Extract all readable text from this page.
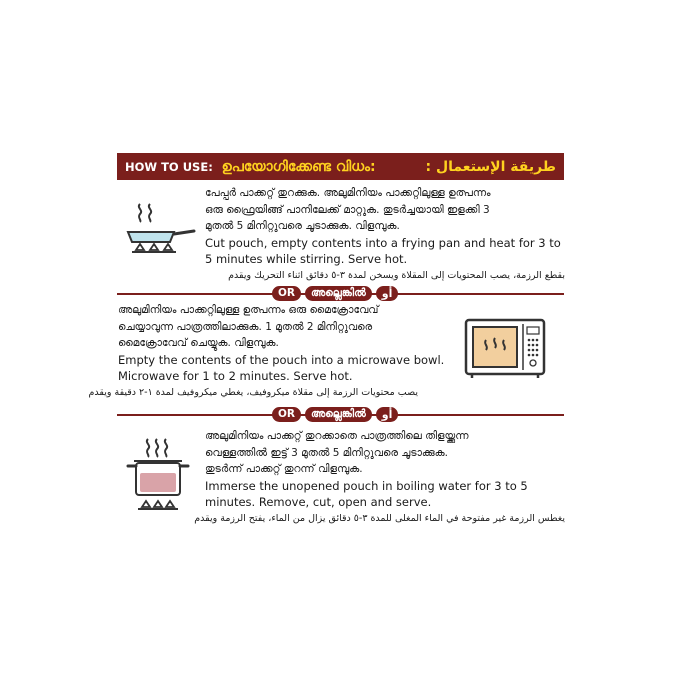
HOW TO USE: ഉപയോഗിക്കേണ്ട വിധം:	طريقة الإستعمال :

പേപ്പർ പാക്കറ്റ് തുറക്കുക. അലുമിനിയം പാക്കറ്റിലുള്ള ഉത്പന്നം

ഒരു ഫ്രൈയിങ്ങ് പാനിലേക്ക് മാറ്റുക. തുടർച്ചയായി ഇളക്കി 3

മുതൽ 5 മിനിറ്റുവരെ ചൂടാക്കുക. വിളമ്പുക.

Cut pouch, empty contents into a frying pan and heat for 3 to

5 minutes while stirring. Serve hot.

بقطع الرزمة، يصب المحتويات إلى المقلاة ويسخن لمدة ٣-٥ دقائق اثناء التحريك ويقدم

OR	അല്ലെങ്കിൽ	أو

അലുമിനിയം പാക്കറ്റിലുള്ള ഉത്പന്നം ഒരു മൈക്രോവേവ്

ചെയ്യാവുന്ന പാത്രത്തിലാക്കുക. 1 മുതൽ 2 മിനിറ്റുവരെ

മൈക്രോവേവ് ചെയ്യുക. വിളമ്പുക.

Empty the contents of the pouch into a microwave bowl.

Microwave for 1 to 2 minutes. Serve hot.

يصب محتويات الرزمة إلى مقلاة ميكروفيف، يغطي ميكروفيف لمدة ١-٢ دقيقة ويقدم

OR	അല്ലെങ്കിൽ	أو

അലുമിനിയം പാക്കറ്റ് തുറക്കാതെ പാത്രത്തിലെ തിളയ്ക്കുന്ന

വെള്ളത്തിൽ ഇട്ട് 3 മുതൽ 5 മിനിറ്റുവരെ ചൂടാക്കുക.

തുടർന്ന് പാക്കറ്റ് തുറന്ന് വിളമ്പുക.

Immerse the unopened pouch in boiling water for 3 to 5

minutes. Remove, cut, open and serve.

يغطس الرزمة غير مفتوحة في الماء المغلى للمدة ٣-٥ دقائق يزال من الماء، يفتح الرزمة ويقدم
